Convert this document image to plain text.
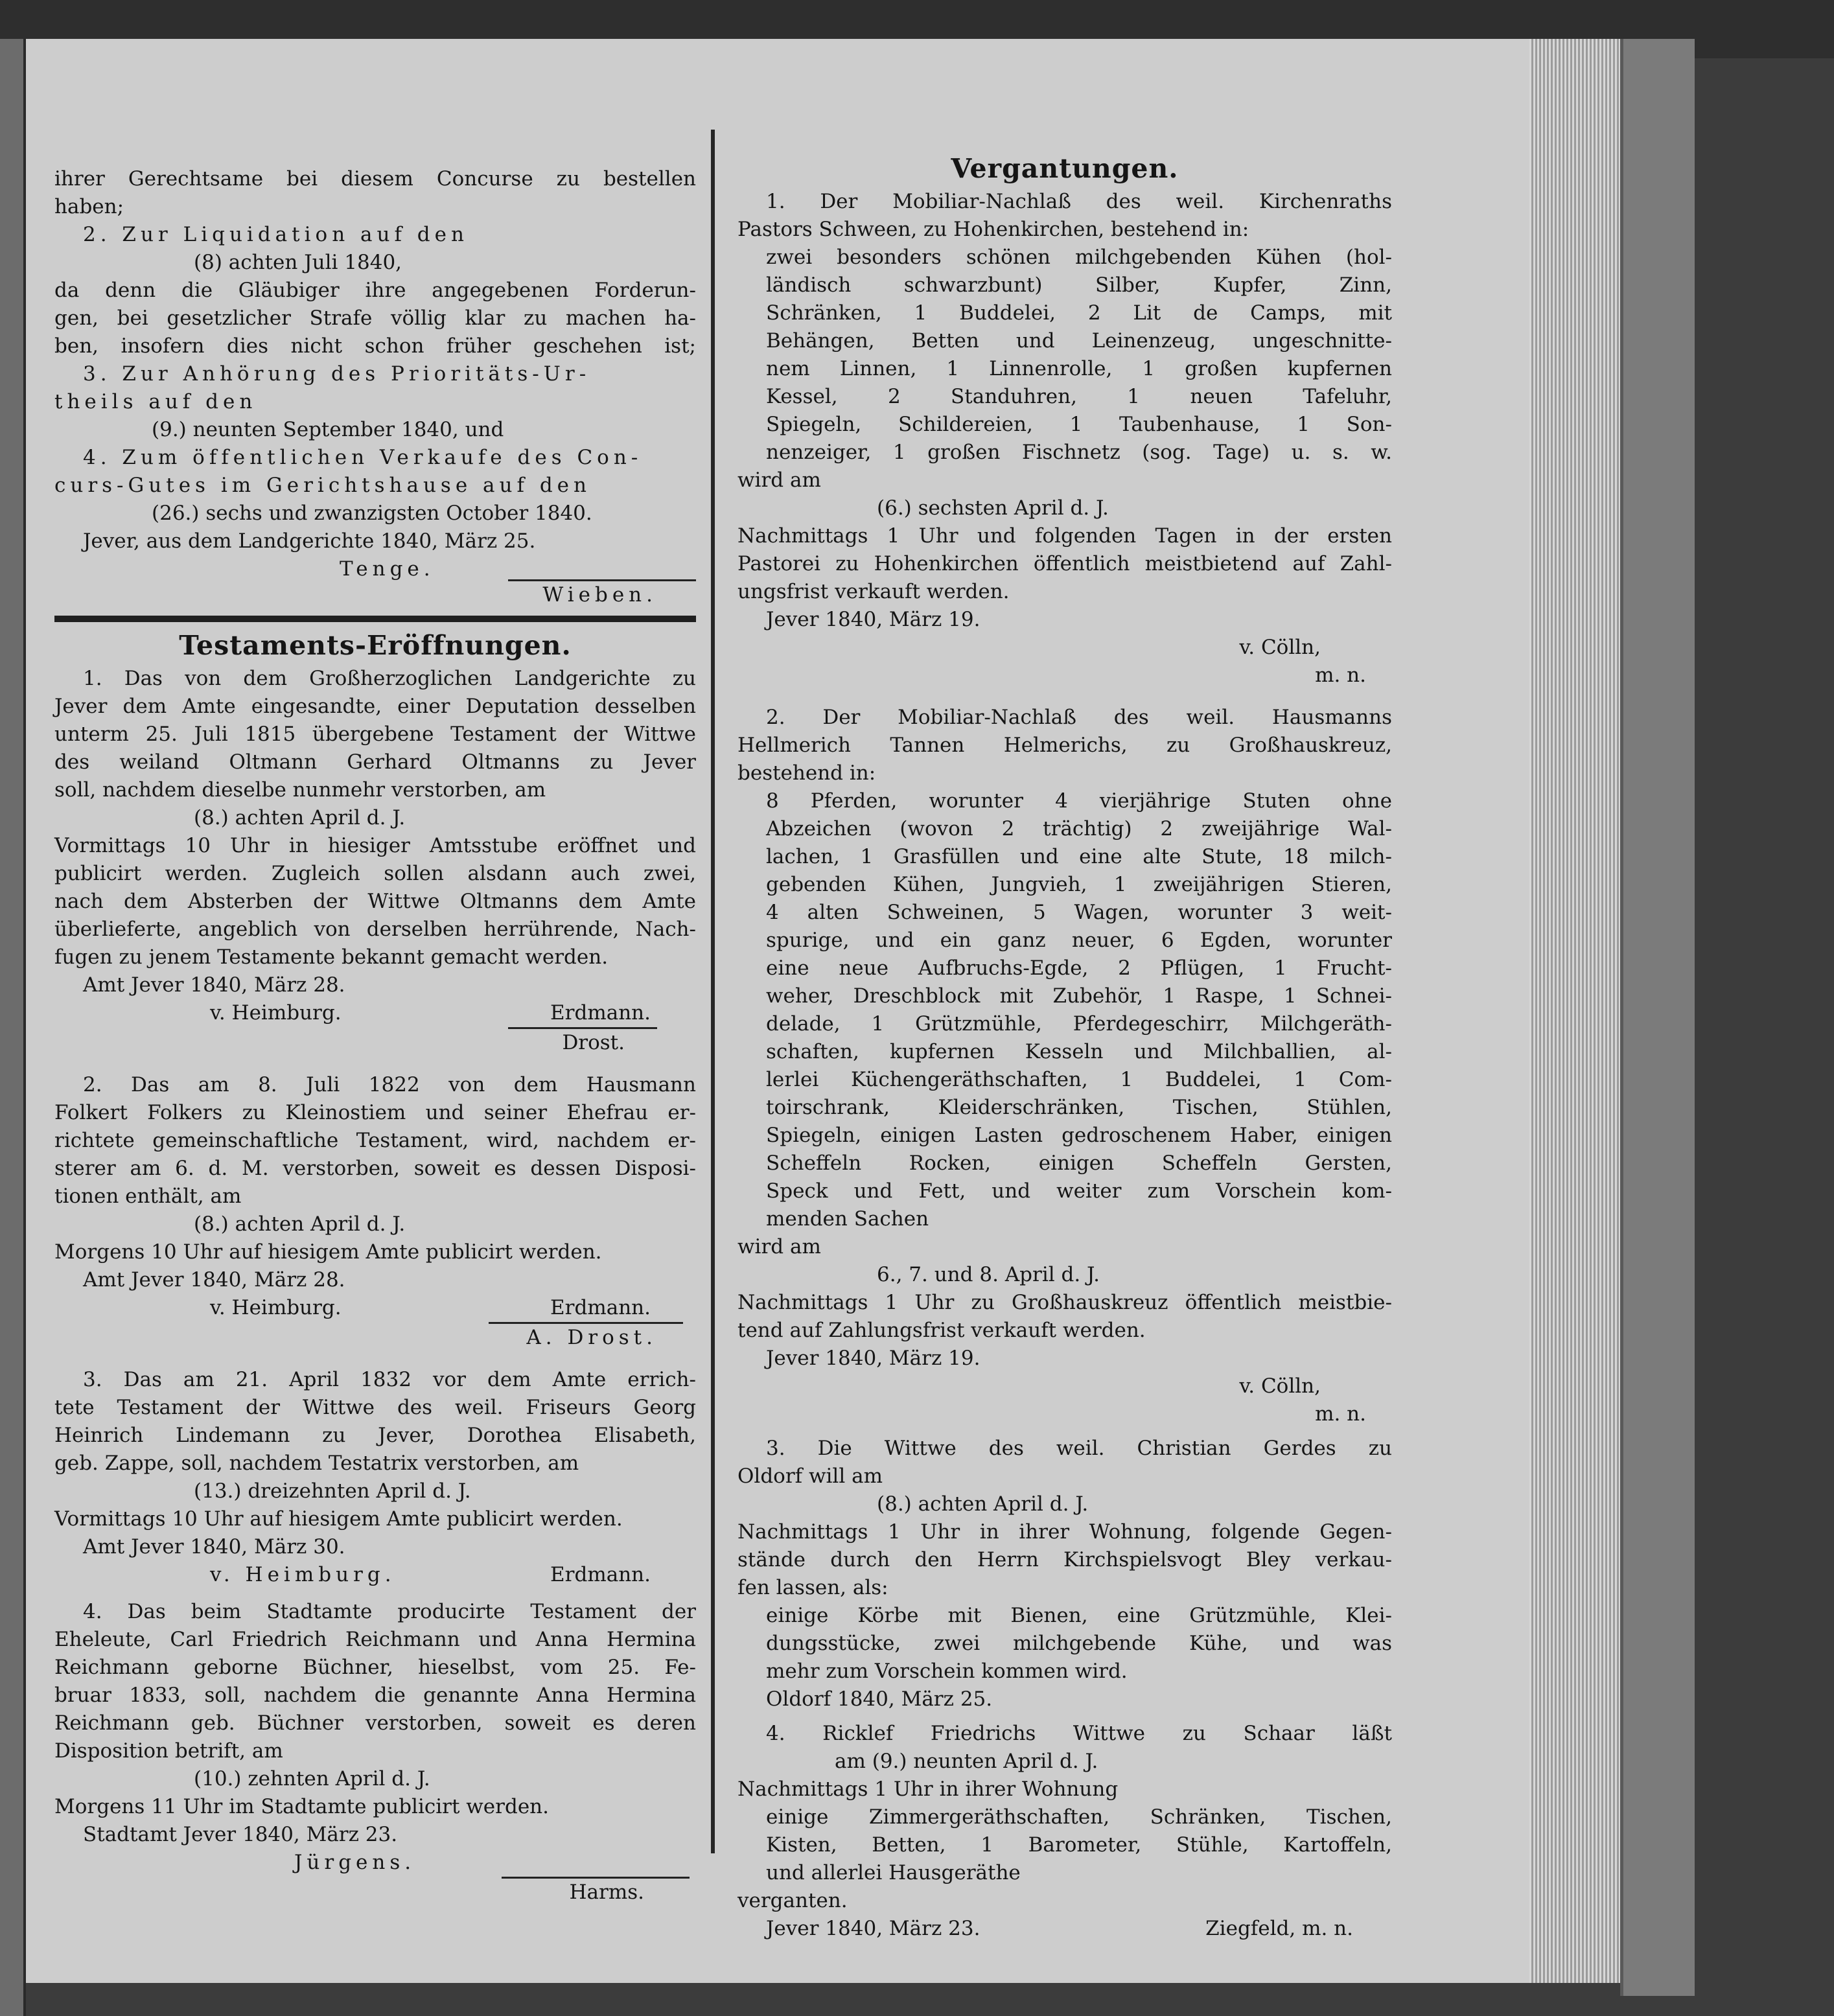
ihrer Gerechtsame bei diesem Concurse zu bestellen
haben;
2. Zur Liquidation auf den
(8) achten Juli 1840,
da denn die Gläubiger ihre angegebenen Forderun-
gen, bei gesetzlicher Strafe völlig klar zu machen ha-
ben, insofern dies nicht schon früher geschehen ist;
3. Zur Anhörung des Prioritäts-Ur-
theils auf den
(9.) neunten September 1840, und
4. Zum öffentlichen Verkaufe des Con-
curs-Gutes im Gerichtshause auf den
(26.) sechs und zwanzigsten October 1840.
Jever, aus dem Landgerichte 1840, März 25.
Tenge.
Wieben.
Testaments-Eröffnungen.
1. Das von dem Großherzoglichen Landgerichte zu
Jever dem Amte eingesandte, einer Deputation desselben
unterm 25. Juli 1815 übergebene Testament der Wittwe
des weiland Oltmann Gerhard Oltmanns zu Jever
soll, nachdem dieselbe nunmehr verstorben, am
(8.) achten April d. J.
Vormittags 10 Uhr in hiesiger Amtsstube eröffnet und
publicirt werden. Zugleich sollen alsdann auch zwei,
nach dem Absterben der Wittwe Oltmanns dem Amte
überlieferte, angeblich von derselben herrührende, Nach-
fugen zu jenem Testamente bekannt gemacht werden.
Amt Jever 1840, März 28.
v. Heimburg.	Erdmann.
Drost.
2. Das am 8. Juli 1822 von dem Hausmann
Folkert Folkers zu Kleinostiem und seiner Ehefrau er-
richtete gemeinschaftliche Testament, wird, nachdem er-
sterer am 6. d. M. verstorben, soweit es dessen Disposi-
tionen enthält, am
(8.) achten April d. J.
Morgens 10 Uhr auf hiesigem Amte publicirt werden.
Amt Jever 1840, März 28.
v. Heimburg.	Erdmann.
A. Drost.
3. Das am 21. April 1832 vor dem Amte errich-
tete Testament der Wittwe des weil. Friseurs Georg
Heinrich Lindemann zu Jever, Dorothea Elisabeth,
geb. Zappe, soll, nachdem Testatrix verstorben, am
(13.) dreizehnten April d. J.
Vormittags 10 Uhr auf hiesigem Amte publicirt werden.
Amt Jever 1840, März 30.
v. Heimburg.	Erdmann.
4. Das beim Stadtamte producirte Testament der
Eheleute, Carl Friedrich Reichmann und Anna Hermina
Reichmann geborne Büchner, hieselbst, vom 25. Fe-
bruar 1833, soll, nachdem die genannte Anna Hermina
Reichmann geb. Büchner verstorben, soweit es deren
Disposition betrift, am
(10.) zehnten April d. J.
Morgens 11 Uhr im Stadtamte publicirt werden.
Stadtamt Jever 1840, März 23.
Jürgens.
Harms.
Vergantungen.
1. Der Mobiliar-Nachlaß des weil. Kirchenraths
Pastors Schween, zu Hohenkirchen, bestehend in:
zwei besonders schönen milchgebenden Kühen (hol-
ländisch schwarzbunt) Silber, Kupfer, Zinn,
Schränken, 1 Buddelei, 2 Lit de Camps, mit
Behängen, Betten und Leinenzeug, ungeschnitte-
nem Linnen, 1 Linnenrolle, 1 großen kupfernen
Kessel, 2 Standuhren, 1 neuen Tafeluhr,
Spiegeln, Schildereien, 1 Taubenhause, 1 Son-
nenzeiger, 1 großen Fischnetz (sog. Tage) u. s. w.
wird am
(6.) sechsten April d. J.
Nachmittags 1 Uhr und folgenden Tagen in der ersten
Pastorei zu Hohenkirchen öffentlich meistbietend auf Zahl-
ungsfrist verkauft werden.
Jever 1840, März 19.
v. Cölln,
m. n.
2. Der Mobiliar-Nachlaß des weil. Hausmanns
Hellmerich Tannen Helmerichs, zu Großhauskreuz,
bestehend in:
8 Pferden, worunter 4 vierjährige Stuten ohne
Abzeichen (wovon 2 trächtig) 2 zweijährige Wal-
lachen, 1 Grasfüllen und eine alte Stute, 18 milch-
gebenden Kühen, Jungvieh, 1 zweijährigen Stieren,
4 alten Schweinen, 5 Wagen, worunter 3 weit-
spurige, und ein ganz neuer, 6 Egden, worunter
eine neue Aufbruchs-Egde, 2 Pflügen, 1 Frucht-
weher, Dreschblock mit Zubehör, 1 Raspe, 1 Schnei-
delade, 1 Grützmühle, Pferdegeschirr, Milchgeräth-
schaften, kupfernen Kesseln und Milchballien, al-
lerlei Küchengeräthschaften, 1 Buddelei, 1 Com-
toirschrank, Kleiderschränken, Tischen, Stühlen,
Spiegeln, einigen Lasten gedroschenem Haber, einigen
Scheffeln Rocken, einigen Scheffeln Gersten,
Speck und Fett, und weiter zum Vorschein kom-
menden Sachen
wird am
6., 7. und 8. April d. J.
Nachmittags 1 Uhr zu Großhauskreuz öffentlich meistbie-
tend auf Zahlungsfrist verkauft werden.
Jever 1840, März 19.
v. Cölln,
m. n.
3. Die Wittwe des weil. Christian Gerdes zu
Oldorf will am
(8.) achten April d. J.
Nachmittags 1 Uhr in ihrer Wohnung, folgende Gegen-
stände durch den Herrn Kirchspielsvogt Bley verkau-
fen lassen, als:
einige Körbe mit Bienen, eine Grützmühle, Klei-
dungsstücke, zwei milchgebende Kühe, und was
mehr zum Vorschein kommen wird.
Oldorf 1840, März 25.
4. Ricklef Friedrichs Wittwe zu Schaar läßt
am (9.) neunten April d. J.
Nachmittags 1 Uhr in ihrer Wohnung
einige Zimmergeräthschaften, Schränken, Tischen,
Kisten, Betten, 1 Barometer, Stühle, Kartoffeln,
und allerlei Hausgeräthe
verganten.
Jever 1840, März 23.	Ziegfeld, m. n.
